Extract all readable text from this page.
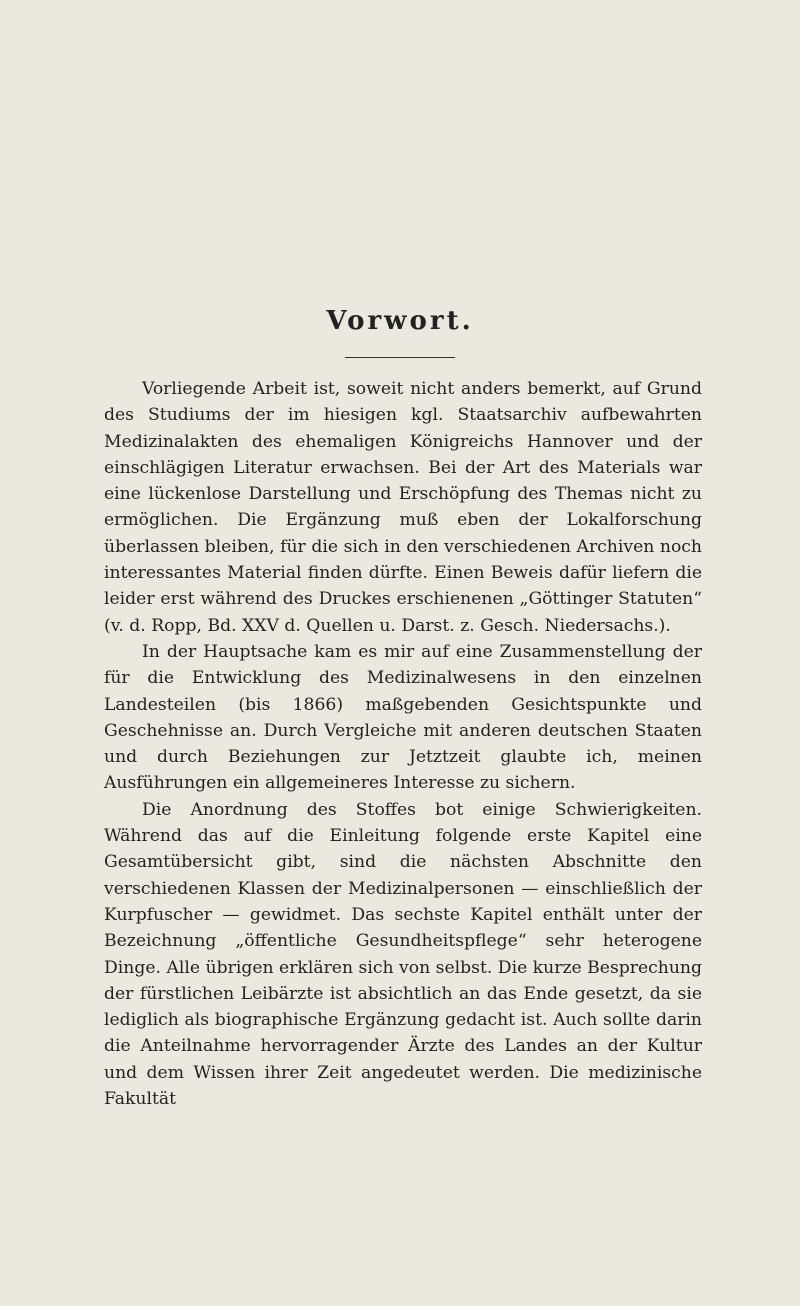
Vorwort.

Vorliegende Arbeit ist, soweit nicht anders bemerkt, auf Grund des Studiums der im hiesigen kgl. Staatsarchiv aufbewahrten Medizinalakten des ehemaligen Königreichs Hannover und der einschlägigen Literatur erwachsen. Bei der Art des Materials war eine lückenlose Darstellung und Erschöpfung des Themas nicht zu ermöglichen. Die Ergänzung muß eben der Lokalforschung überlassen bleiben, für die sich in den verschiedenen Archiven noch interessantes Material finden dürfte. Einen Beweis dafür liefern die leider erst während des Druckes erschienenen „Göttinger Statuten“ (v. d. Ropp, Bd. XXV d. Quellen u. Darst. z. Gesch. Niedersachs.).

In der Hauptsache kam es mir auf eine Zusammenstellung der für die Entwicklung des Medizinalwesens in den einzelnen Landesteilen (bis 1866) maßgebenden Gesichtspunkte und Geschehnisse an. Durch Vergleiche mit anderen deutschen Staaten und durch Beziehungen zur Jetztzeit glaubte ich, meinen Ausführungen ein allgemeineres Interesse zu sichern.

Die Anordnung des Stoffes bot einige Schwierigkeiten. Während das auf die Einleitung folgende erste Kapitel eine Gesamtübersicht gibt, sind die nächsten Abschnitte den verschiedenen Klassen der Medizinalpersonen — einschließlich der Kurpfuscher — gewidmet. Das sechste Kapitel enthält unter der Bezeichnung „öffentliche Gesundheitspflege“ sehr heterogene Dinge. Alle übrigen erklären sich von selbst. Die kurze Besprechung der fürstlichen Leibärzte ist absichtlich an das Ende gesetzt, da sie lediglich als biographische Ergänzung gedacht ist. Auch sollte darin die Anteilnahme hervorragender Ärzte des Landes an der Kultur und dem Wissen ihrer Zeit angedeutet werden. Die medizinische Fakultät
